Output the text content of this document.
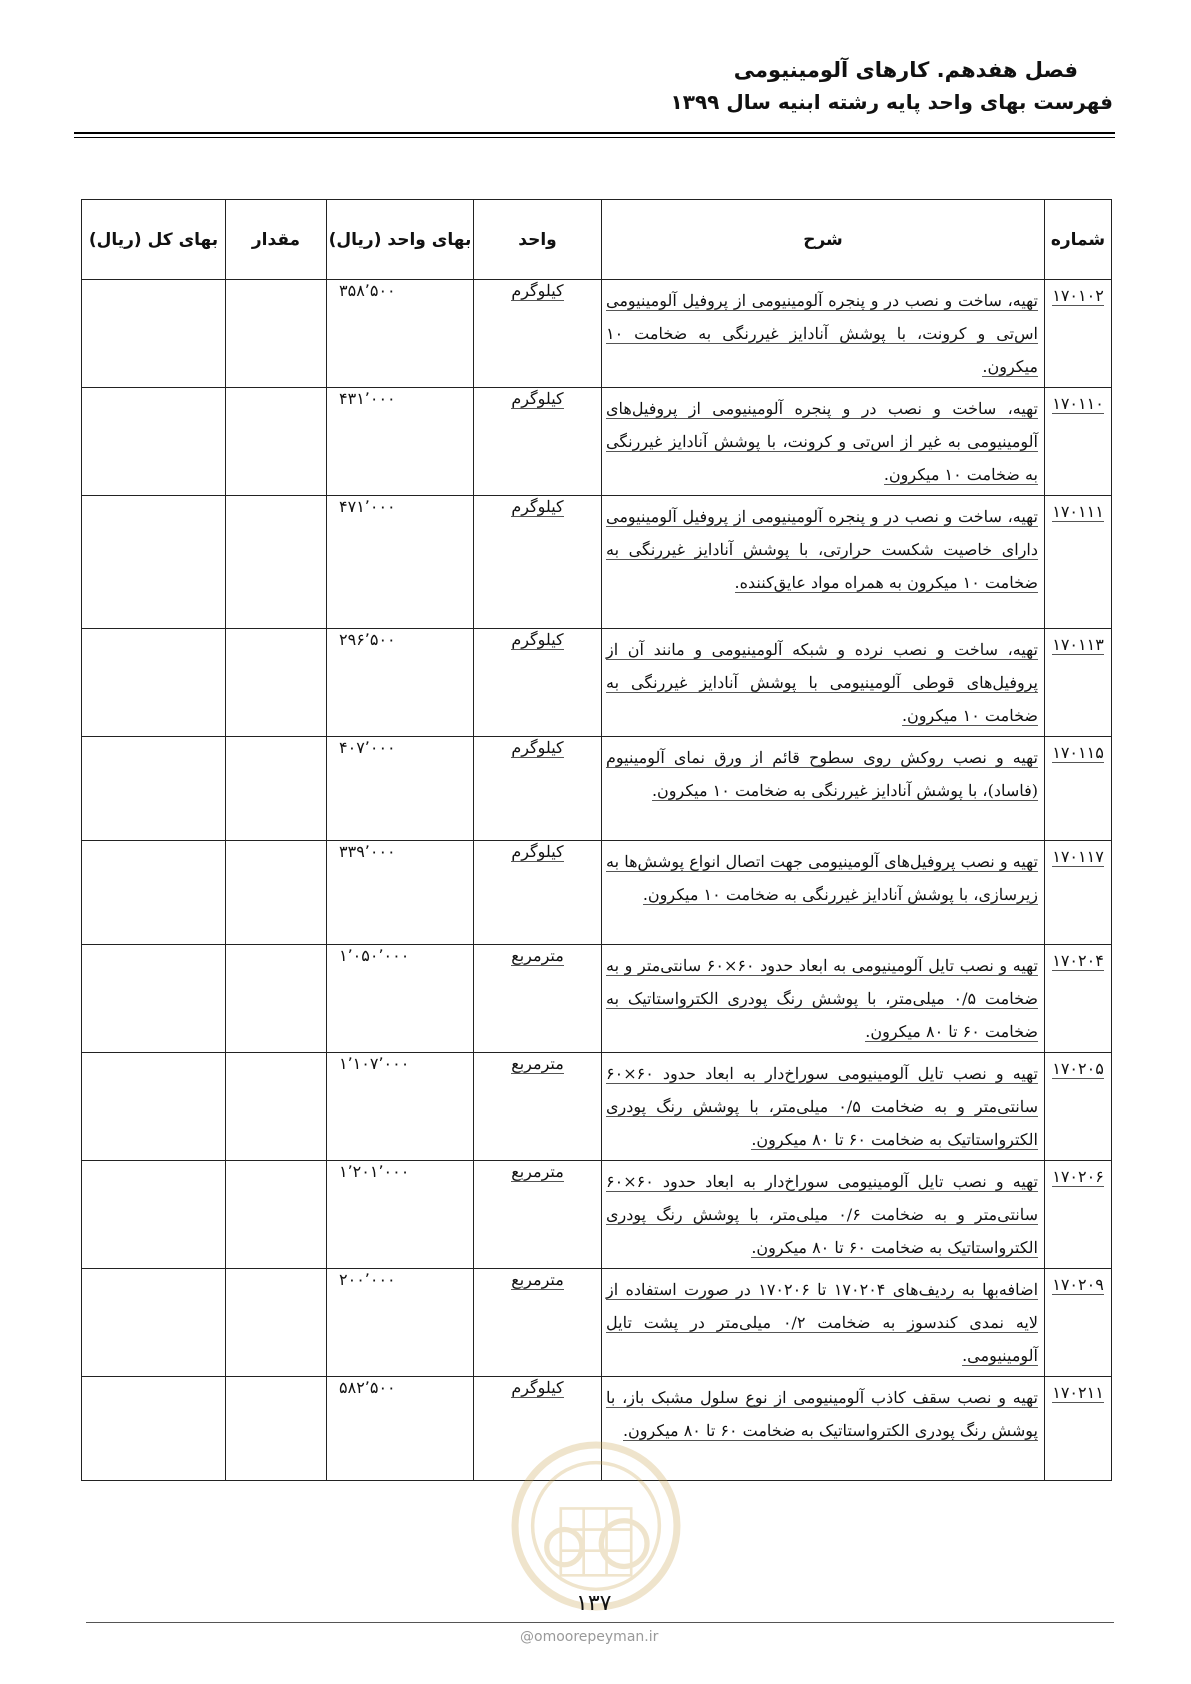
فصل هفدهم. کارهای آلومینیومی

فهرست بهای واحد پایه رشته ابنیه سال ۱۳۹۹

شماره	شرح	واحد	بهای واحد (ریال)	مقدار	بهای کل (ریال)
۱۷۰۱۰۲	تهیه، ساخت و نصب در و پنجره آلومینیومی از پروفیل آلومینیومی اس‌تی و کرونت، با پوشش آنادایز غیررنگی به ضخامت ۱۰ میکرون.	کیلوگرم	۳۵۸٬۵۰۰		
۱۷۰۱۱۰	تهیه، ساخت و نصب در و پنجره آلومینیومی از پروفیل‌های آلومینیومی به غیر از اس‌تی و کرونت، با پوشش آنادایز غیررنگی به ضخامت ۱۰ میکرون.	کیلوگرم	۴۳۱٬۰۰۰		
۱۷۰۱۱۱	تهیه، ساخت و نصب در و پنجره آلومینیومی از پروفیل آلومینیومی دارای خاصیت شکست حرارتی، با پوشش آنادایز غیررنگی به ضخامت ۱۰ میکرون به همراه مواد عایق‌کننده.	کیلوگرم	۴۷۱٬۰۰۰		
۱۷۰۱۱۳	تهیه، ساخت و نصب نرده و شبکه آلومینیومی و مانند آن از پروفیل‌های قوطی آلومینیومی با پوشش آنادایز غیررنگی به ضخامت ۱۰ میکرون.	کیلوگرم	۲۹۶٬۵۰۰		
۱۷۰۱۱۵	تهیه و نصب روکش روی سطوح قائم از ورق نمای آلومینیوم (فاساد)، با پوشش آنادایز غیررنگی به ضخامت ۱۰ میکرون.	کیلوگرم	۴۰۷٬۰۰۰		
۱۷۰۱۱۷	تهیه و نصب پروفیل‌های آلومینیومی جهت اتصال انواع پوشش‌ها به زیرسازی، با پوشش آنادایز غیررنگی به ضخامت ۱۰ میکرون.	کیلوگرم	۳۳۹٬۰۰۰		
۱۷۰۲۰۴	تهیه و نصب تایل آلومینیومی به ابعاد حدود ۶۰×۶۰ سانتی‌متر و به ضخامت ۰/۵ میلی‌متر، با پوشش رنگ پودری الکترواستاتیک به ضخامت ۶۰ تا ۸۰ میکرون.	مترمربع	۱٬۰۵۰٬۰۰۰		
۱۷۰۲۰۵	تهیه و نصب تایل آلومینیومی سوراخ‌دار به ابعاد حدود ۶۰×۶۰ سانتی‌متر و به ضخامت ۰/۵ میلی‌متر، با پوشش رنگ پودری الکترواستاتیک به ضخامت ۶۰ تا ۸۰ میکرون.	مترمربع	۱٬۱۰۷٬۰۰۰		
۱۷۰۲۰۶	تهیه و نصب تایل آلومینیومی سوراخ‌دار به ابعاد حدود ۶۰×۶۰ سانتی‌متر و به ضخامت ۰/۶ میلی‌متر، با پوشش رنگ پودری الکترواستاتیک به ضخامت ۶۰ تا ۸۰ میکرون.	مترمربع	۱٬۲۰۱٬۰۰۰		
۱۷۰۲۰۹	اضافه‌بها به ردیف‌های ۱۷۰۲۰۴ تا ۱۷۰۲۰۶ در صورت استفاده از لایه نمدی کندسوز به ضخامت ۰/۲ میلی‌متر در پشت تایل آلومینیومی.	مترمربع	۲۰۰٬۰۰۰		
۱۷۰۲۱۱	تهیه و نصب سقف کاذب آلومینیومی از نوع سلول مشبک باز، با پوشش رنگ پودری الکترواستاتیک به ضخامت ۶۰ تا ۸۰ میکرون.	کیلوگرم	۵۸۲٬۵۰۰		
۱۳۷
@omoorepeyman.ir
